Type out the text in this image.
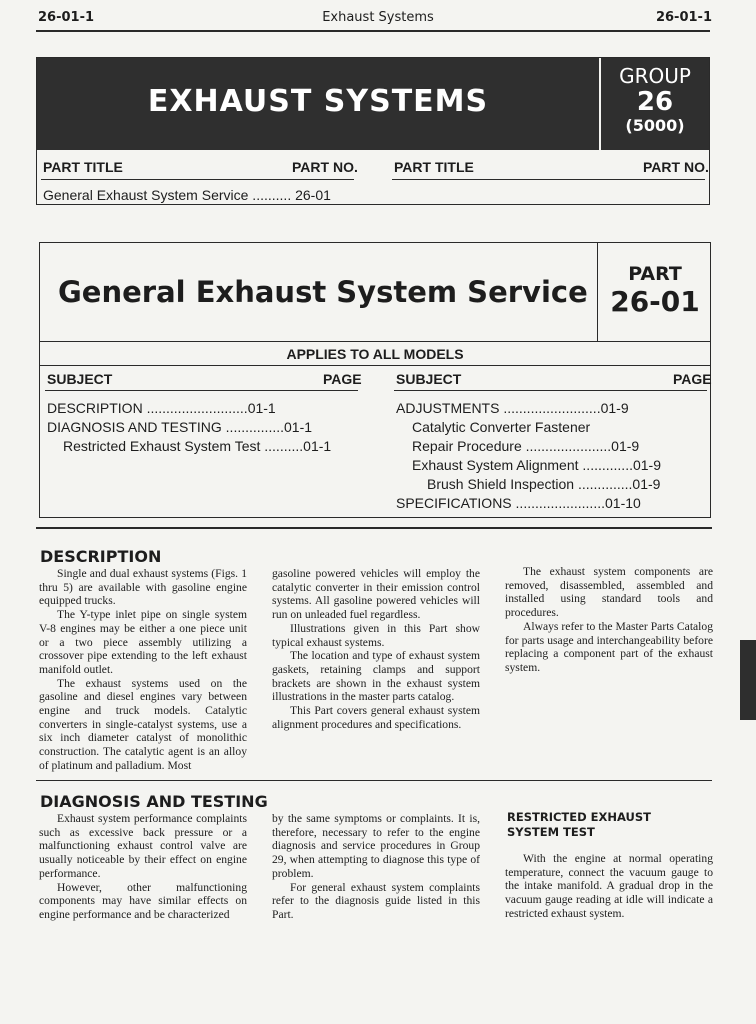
26-01-1	Exhaust Systems	26-01-1
EXHAUST SYSTEMS
GROUP
26
(5000)
PART TITLE	PART NO.	PART TITLE	PART NO.
General Exhaust System Service .......... 26-01
General Exhaust System Service
PART
26-01
APPLIES TO ALL MODELS
SUBJECT	PAGE SUBJECT	PAGE
DESCRIPTION ..........................01-1
DIAGNOSIS AND TESTING ...............01-1
Restricted Exhaust System Test ..........01-1
ADJUSTMENTS .........................01-9
Catalytic Converter Fastener
Repair Procedure ......................01-9
Exhaust System Alignment .............01-9
Brush Shield Inspection ..............01-9
SPECIFICATIONS .......................01-10
DESCRIPTION

Single and dual exhaust systems (Figs. 1 thru 5) are available with gasoline engine equipped trucks.

The Y-type inlet pipe on single system V-8 engines may be either a one piece unit or a two piece assembly utilizing a crossover pipe extending to the left exhaust manifold outlet.

The exhaust systems used on the gasoline and diesel engines vary between engine and truck models. Catalytic converters in single-catalyst systems, use a six inch diameter catalyst of monolithic construction. The catalytic agent is an alloy of platinum and palladium. Most

gasoline powered vehicles will employ the catalytic converter in their emission control systems. All gasoline powered vehicles will run on unleaded fuel regardless.

Illustrations given in this Part show typical exhaust systems.

The location and type of exhaust system gaskets, retaining clamps and support brackets are shown in the exhaust system illustrations in the master parts catalog.

This Part covers general exhaust system alignment procedures and specifications.

The exhaust system components are removed, disassembled, assembled and installed using standard tools and procedures.

Always refer to the Master Parts Catalog for parts usage and interchangeability before replacing a component part of the exhaust system.

DIAGNOSIS AND TESTING

Exhaust system performance complaints such as excessive back pressure or a malfunctioning exhaust control valve are usually noticeable by their effect on engine performance.

However, other malfunctioning components may have similar effects on engine performance and be characterized

by the same symptoms or complaints. It is, therefore, necessary to refer to the engine diagnosis and service procedures in Group 29, when attempting to diagnose this type of problem.

For general exhaust system complaints refer to the diagnosis guide listed in this Part.

RESTRICTED EXHAUST SYSTEM TEST

With the engine at normal operating temperature, connect the vacuum gauge to the intake manifold. A gradual drop in the vacuum gauge reading at idle will indicate a restricted exhaust system.
